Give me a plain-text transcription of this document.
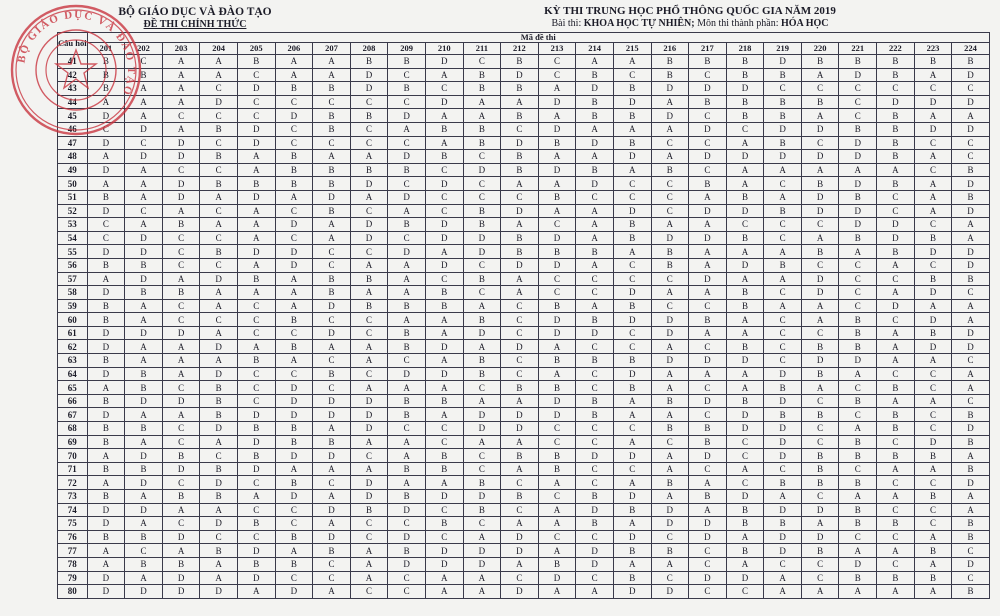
BỘ GIÁO DỤC VÀ ĐÀO TẠO
ĐỀ THI CHÍNH THỨC
KỲ THI TRUNG HỌC PHỔ THÔNG QUỐC GIA NĂM 2019
Bài thi: KHOA HỌC TỰ NHIÊN; Môn thi thành phần: HÓA HỌC
Câu hỏi	Mã đề thi																							
	201	202	203	204	205	206	207	208	209	210	211	212	213	214	215	216	217	218	219	220	221	222	223	224
41	B	C	A	A	B	A	A	B	B	D	C	B	C	A	A	B	B	B	D	B	B	B	B	B
42	B	B	A	A	C	A	A	D	C	A	B	D	C	B	C	B	C	B	B	A	D	B	A	D
43	B	A	A	C	D	B	B	D	B	C	B	B	A	D	B	D	D	D	C	C	C	C	C	C
44	A	A	A	D	C	C	C	C	C	D	A	A	D	B	D	A	B	B	B	B	C	D	D	D
45	D	A	C	C	C	D	B	B	D	A	A	B	A	B	B	D	C	B	B	A	C	B	A	A
46	C	D	A	B	D	C	B	C	A	B	B	C	D	A	A	A	D	C	D	D	B	B	D	D
47	D	C	D	C	D	C	C	C	C	A	B	D	B	D	B	C	C	A	B	C	D	B	C	C
48	A	D	D	B	A	B	A	A	D	B	C	B	A	A	D	A	D	D	D	D	D	B	A	C
49	D	A	C	C	A	B	B	B	B	C	D	B	D	B	A	B	C	A	A	A	A	A	C	B
50	A	A	D	B	B	B	B	D	C	D	C	A	A	D	C	C	B	A	C	B	D	B	A	D
51	B	A	D	A	D	A	D	A	D	C	C	C	B	C	C	C	A	B	A	D	B	C	A	B
52	D	C	A	C	A	C	B	C	A	C	B	D	A	A	D	C	D	D	B	D	D	C	A	D
53	C	A	B	A	A	D	A	D	B	D	B	A	C	A	B	A	A	C	C	C	D	D	C	A
54	C	D	C	C	A	C	A	D	C	D	D	B	D	A	B	D	D	B	C	A	B	D	B	A
55	D	D	C	B	D	D	C	C	D	A	D	B	B	B	A	B	A	A	A	B	A	B	D	D
56	B	B	C	C	A	D	C	A	A	D	C	D	D	A	C	B	A	D	B	C	C	A	C	D
57	A	D	A	D	B	A	B	B	A	C	B	A	C	C	C	C	D	A	A	D	C	C	B	B
58	D	B	B	A	A	A	B	A	A	B	C	A	C	C	D	A	A	B	C	D	C	A	D	C
59	B	A	C	A	C	A	D	B	B	B	A	C	B	A	B	C	C	B	A	A	C	D	A	A
60	B	A	C	C	C	B	C	C	A	A	B	C	D	B	D	D	B	A	C	A	B	C	D	A
61	D	D	D	A	C	C	D	C	B	A	D	C	D	D	C	D	A	A	C	C	B	A	B	D
62	D	A	A	D	A	B	A	A	B	D	A	D	A	C	C	A	C	B	C	B	B	A	D	D
63	B	A	A	A	B	A	C	A	C	A	B	C	B	B	B	D	D	D	C	D	D	A	A	C
64	D	B	A	D	C	C	B	C	D	D	B	C	A	C	D	A	A	A	D	B	A	C	C	A
65	A	B	C	B	C	D	C	A	A	A	C	B	B	C	B	A	C	A	B	A	C	B	C	A
66	B	D	D	B	C	D	D	D	B	B	A	A	D	B	A	B	D	B	D	C	B	A	A	C
67	D	A	A	B	D	D	D	D	B	A	D	D	D	B	A	A	C	D	B	B	C	B	C	B
68	B	B	C	D	B	B	A	D	C	C	D	D	C	C	C	B	B	D	D	C	A	B	C	D
69	B	A	C	A	D	B	B	A	A	C	A	A	C	C	A	C	B	C	D	C	B	C	D	B
70	A	D	B	C	B	D	D	C	A	B	C	B	B	D	D	A	D	C	D	B	B	B	B	A
71	B	B	D	B	D	A	A	A	B	B	C	A	B	C	C	A	C	A	C	B	C	A	A	B
72	A	D	C	D	C	B	C	D	A	A	B	C	A	C	A	B	A	C	B	B	B	C	C	D
73	B	A	B	B	A	D	A	D	B	D	D	B	C	B	D	A	B	D	A	C	A	A	B	A
74	D	D	A	A	C	C	D	B	D	C	B	C	A	D	B	D	A	B	D	D	B	C	C	A
75	D	A	C	D	B	C	A	C	C	B	C	A	A	B	A	D	D	B	B	A	B	B	C	B
76	B	B	D	C	C	B	D	C	D	C	A	D	C	C	D	C	D	A	D	D	C	C	A	B
77	A	C	A	B	D	A	B	A	B	D	D	D	A	D	B	B	C	B	D	B	A	A	B	C
78	A	B	B	A	B	B	C	A	D	D	D	A	B	D	A	A	C	A	C	C	D	C	A	D
79	D	A	D	A	D	C	C	A	C	A	A	C	D	C	B	C	D	D	A	C	B	B	B	C
80	D	D	D	D	A	D	A	C	C	A	A	D	A	A	D	D	C	C	A	A	A	A	A	B
BỘ GIÁO DỤC VÀ ĐÀO TẠO
